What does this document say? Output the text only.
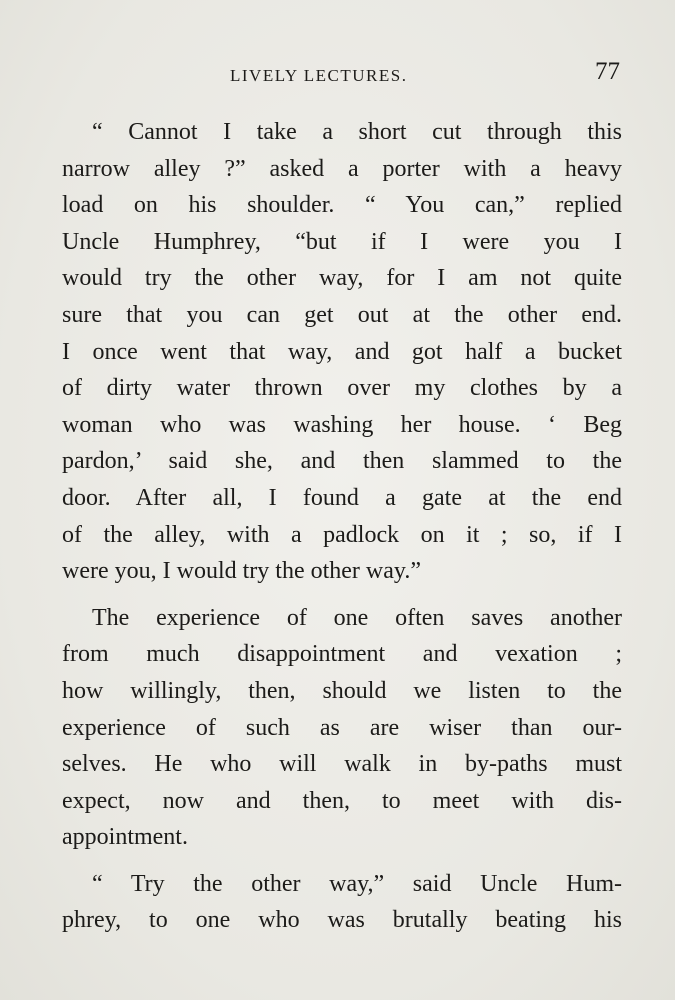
LIVELY LECTURES.	77
“ Cannot I take a short cut through this
narrow alley ?” asked a porter with a heavy
load on his shoulder. “ You can,” replied
Uncle Humphrey, “but if I were you I
would try the other way, for I am not quite
sure that you can get out at the other end.
I once went that way, and got half a bucket
of dirty water thrown over my clothes by a
woman who was washing her house. ‘ Beg
pardon,’ said she, and then slammed to the
door. After all, I found a gate at the end
of the alley, with a padlock on it ; so, if I
were you, I would try the other way.”
The experience of one often saves another
from much disappointment and vexation ;
how willingly, then, should we listen to the
experience of such as are wiser than our-
selves. He who will walk in by-paths must
expect, now and then, to meet with dis-
appointment.
“ Try the other way,” said Uncle Hum-
phrey, to one who was brutally beating his
